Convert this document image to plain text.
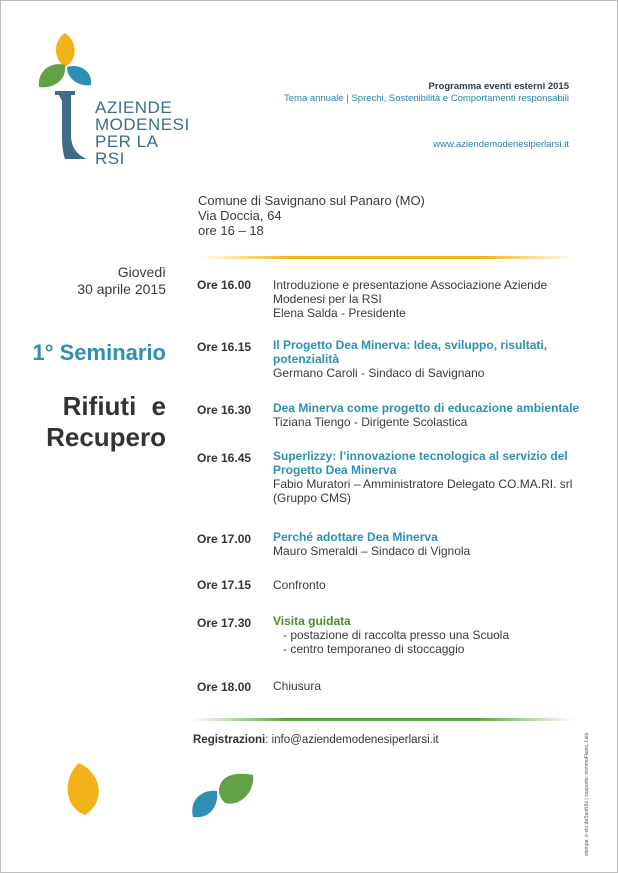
AZIENDE
MODENESI
PER LA RSI
Programma eventi esterni 2015
Tema annuale | Sprechi, Sostenibilità e Comportamenti responsabili
www.aziendemodenesiperlarsi.it
Comune di Savignano sul Panaro (MO)
Via Doccia, 64
ore 16 – 18
Giovedì
30 aprile 2015
1° Seminario
Rifiuti e
Recupero
Ore 16.00 Introduzione e presentazione Associazione Aziende
Modenesi per la RSI
Elena Salda - Presidente
Ore 16.15 Il Progetto Dea Minerva: Idea, sviluppo, risultati, potenzialità
Germano Caroli - Sindaco di Savignano
Ore 16.30 Dea Minerva come progetto di educazione ambientale
Tiziana Tiengo - Dirigente Scolastica
Ore 16.45 Superlizzy: l’innovazione tecnologica al servizio del Progetto Dea Minerva
Fabio Muratori – Amministratore Delegato CO.MA.RI. srl
(Gruppo CMS)
Ore 17.00 Perché adottare Dea Minerva
Mauro Smeraldi – Sindaco di Vignola
Ore 17.15 Confronto
Ore 17.30 Visita guidata
- postazione di raccolta presso una Scuola
- centro temporaneo di stoccaggio
Ore 18.00 Chiusura
Registrazioni: info@aziendemodenesiperlarsi.it	stampa: e-stu.doSantUbi | supporto: mimmoFlavio, Lalà
